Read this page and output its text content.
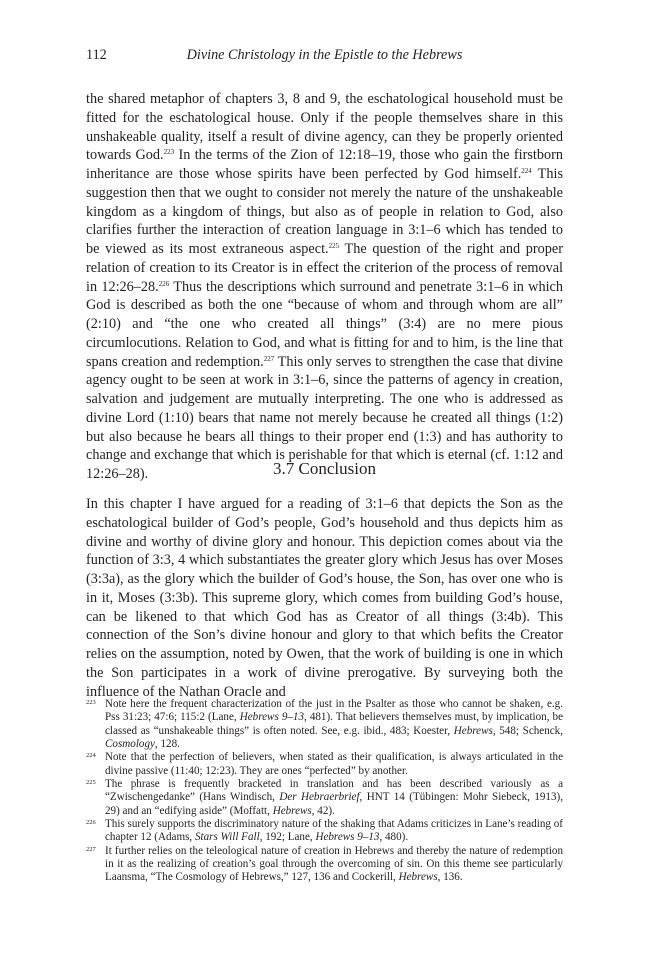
112	Divine Christology in the Epistle to the Hebrews

the shared metaphor of chapters 3, 8 and 9, the eschatological household must be fitted for the eschatological house. Only if the people themselves share in this unshakeable quality, itself a result of divine agency, can they be properly oriented towards God.$^{223}$ In the terms of the Zion of 12:18–19, those who gain the firstborn inheritance are those whose spirits have been perfected by God himself.$^{224}$ This suggestion then that we ought to consider not merely the nature of the unshakeable kingdom as a kingdom of things, but also as of people in relation to God, also clarifies further the interaction of creation language in 3:1–6 which has tended to be viewed as its most extraneous aspect.$^{225}$ The question of the right and proper relation of creation to its Creator is in effect the criterion of the process of removal in 12:26–28.$^{226}$ Thus the descriptions which surround and penetrate 3:1–6 in which God is described as both the one “because of whom and through whom are all” (2:10) and “the one who created all things” (3:4) are no mere pious circumlocutions. Relation to God, and what is fitting for and to him, is the line that spans creation and redemption.$^{227}$ This only serves to strengthen the case that divine agency ought to be seen at work in 3:1–6, since the patterns of agency in creation, salvation and judgement are mutually interpreting. The one who is addressed as divine Lord (1:10) bears that name not merely because he created all things (1:2) but also because he bears all things to their proper end (1:3) and has authority to change and exchange that which is perishable for that which is eternal (cf. 1:12 and 12:26–28).	3.7 Conclusion

In this chapter I have argued for a reading of 3:1–6 that depicts the Son as the eschatological builder of God’s people, God’s household and thus depicts him as divine and worthy of divine glory and honour. This depiction comes about via the function of 3:3, 4 which substantiates the greater glory which Jesus has over Moses (3:3a), as the glory which the builder of God’s house, the Son, has over one who is in it, Moses (3:3b). This supreme glory, which comes from building God’s house, can be likened to that which God has as Creator of all things (3:4b). This connection of the Son’s divine honour and glory to that which befits the Creator relies on the assumption, noted by Owen, that the work of building is one in which the Son participates in a work of divine prerogative. By surveying both the influence of the Nathan Oracle and

223 Note here the frequent characterization of the just in the Psalter as those who cannot be shaken, e.g. Pss 31:23; 47:6; 115:2 (Lane, Hebrews 9–13, 481). That believers themselves must, by implication, be classed as “unshakeable things” is often noted. See, e.g. ibid., 483; Koester, Hebrews, 548; Schenck, Cosmology, 128.
224 Note that the perfection of believers, when stated as their qualification, is always articulated in the divine passive (11:40; 12:23). They are ones “perfected” by another.
225 The phrase is frequently bracketed in translation and has been described variously as a “Zwischengedanke” (Hans Windisch, Der Hebraerbrief, HNT 14 (Tübingen: Mohr Siebeck, 1913), 29) and an “edifying aside” (Moffatt, Hebrews, 42).
226 This surely supports the discriminatory nature of the shaking that Adams criticizes in Lane’s reading of chapter 12 (Adams, Stars Will Fall, 192; Lane, Hebrews 9–13, 480).
227 It further relies on the teleological nature of creation in Hebrews and thereby the nature of redemption in it as the realizing of creation’s goal through the overcoming of sin. On this theme see particularly Laansma, “The Cosmology of Hebrews,” 127, 136 and Cockerill, Hebrews, 136.
